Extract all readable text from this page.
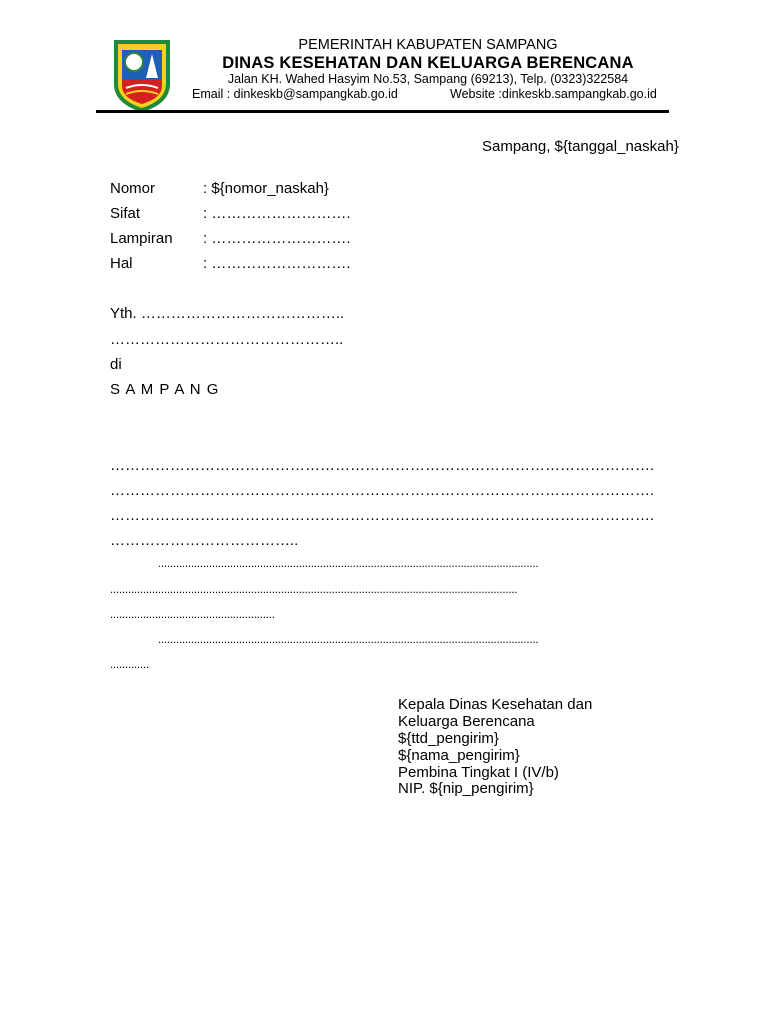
PEMERINTAH KABUPATEN SAMPANG
DINAS KESEHATAN DAN KELUARGA BERENCANA
Jalan KH. Wahed Hasyim No.53, Sampang (69213), Telp. (0323)322584
Email : dinkeskb@sampangkab.go.id	Website :dinkeskb.sampangkab.go.id
Sampang, ${tanggal_naskah}
Nomor	: ${nomor_naskah}
Sifat	: ……………………….
Lampiran : ……………………….
Hal	: ……………………….
Yth. …………………………………..
………………………………………..
di
S A M P A N G
……………………………………………………………………………………………….
……………………………………………………………………………………………….
……………………………………………………………………………………………….
………………………………..
...............................................................................................................................
........................................................................................................................................
.......................................................
...............................................................................................................................
.............
Kepala Dinas Kesehatan dan
Keluarga Berencana
${ttd_pengirim}
${nama_pengirim}
Pembina Tingkat I (IV/b)
NIP. ${nip_pengirim}
